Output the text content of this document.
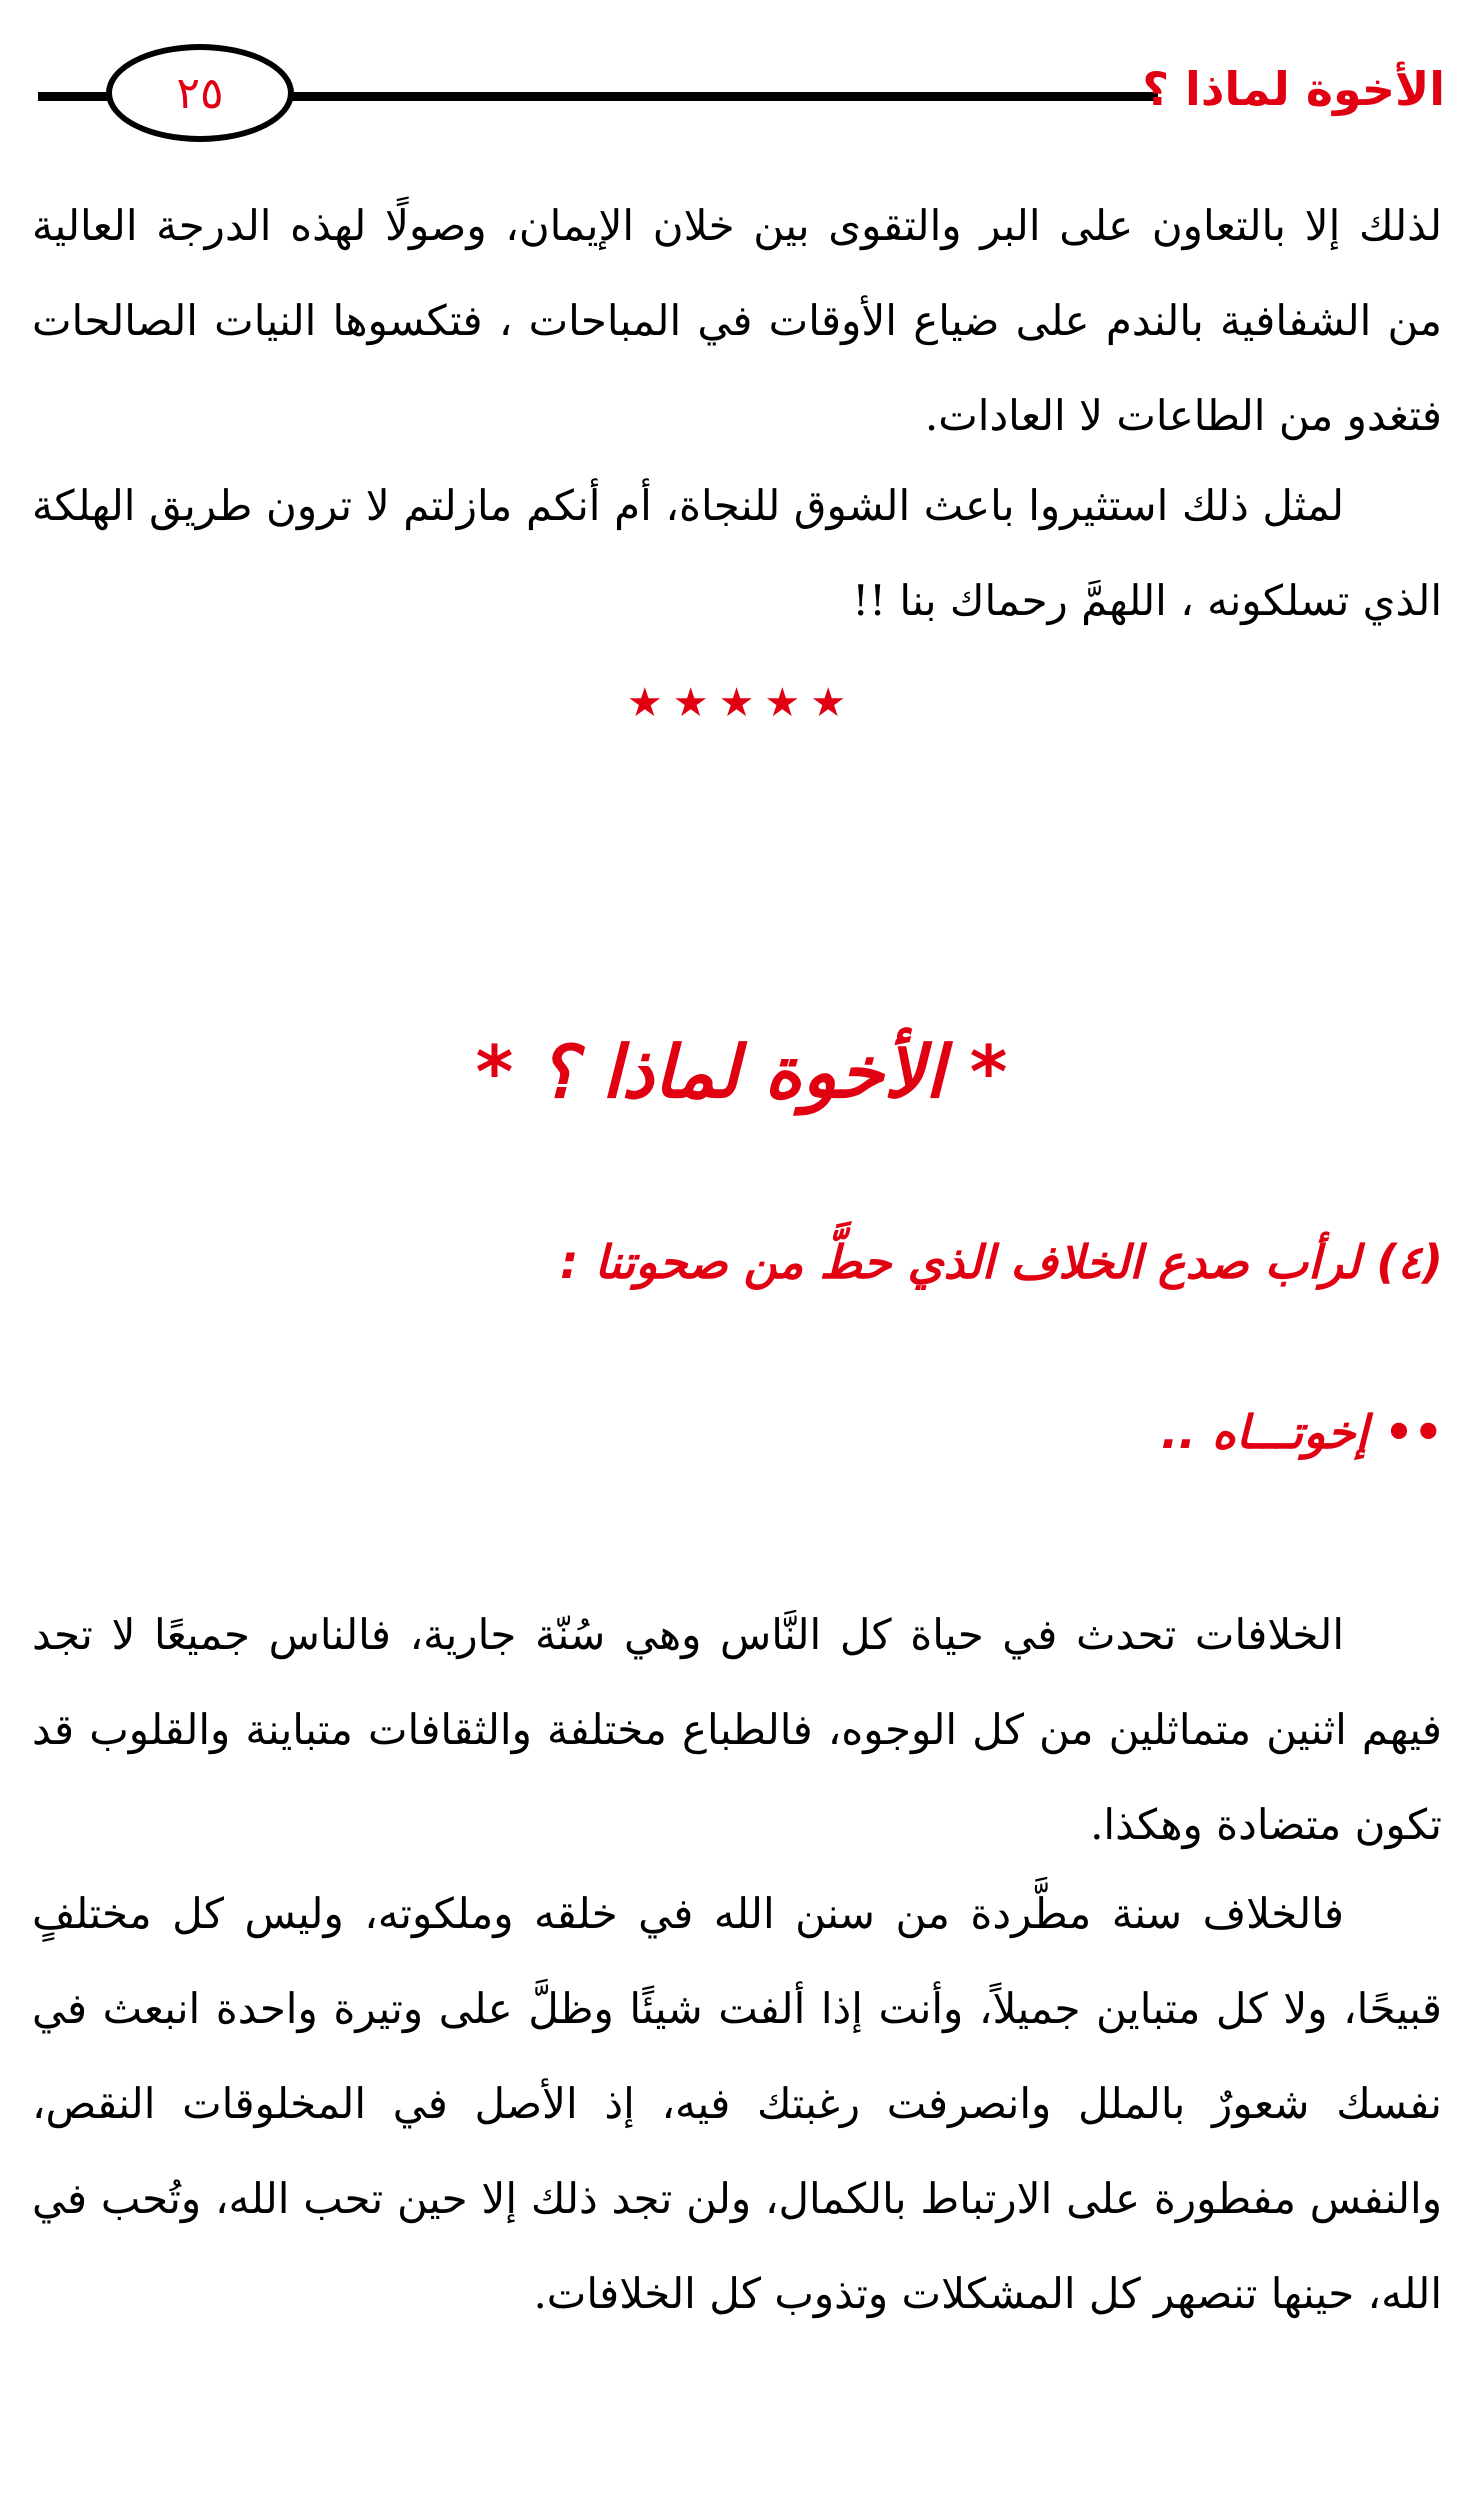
٢٥	الأخوة لماذا ؟

لذلك إلا بالتعاون على البر والتقوى بين خلان الإيمان، وصولًا لهذه الدرجة العالية من الشفافية بالندم على ضياع الأوقات في المباحات ، فتكسوها النيات الصالحات فتغدو من الطاعات لا العادات.

لمثل ذلك استثيروا باعث الشوق للنجاة، أم أنكم مازلتم لا ترون طريق الهلكة الذي تسلكونه ، اللهمَّ رحماك بنا !!

★★★★★
* الأخوة لماذا ؟ *
(٤) لرأب صدع الخلاف الذي حطَّ من صحوتنا :
•• إخوتـــاه ..

الخلافات تحدث في حياة كل النَّاس وهي سُنّة جارية، فالناس جميعًا لا تجد فيهم اثنين متماثلين من كل الوجوه، فالطباع مختلفة والثقافات متباينة والقلوب قد تكون متضادة وهكذا.

فالخلاف سنة مطَّردة من سنن الله في خلقه وملكوته، وليس كل مختلفٍ قبيحًا، ولا كل متباين جميلاً، وأنت إذا ألفت شيئًا وظلَّ على وتيرة واحدة انبعث في نفسك شعورٌ بالملل وانصرفت رغبتك فيه، إذ الأصل في المخلوقات النقص، والنفس مفطورة على الارتباط بالكمال، ولن تجد ذلك إلا حين تحب الله، وتُحب في الله، حينها تنصهر كل المشكلات وتذوب كل الخلافات.
